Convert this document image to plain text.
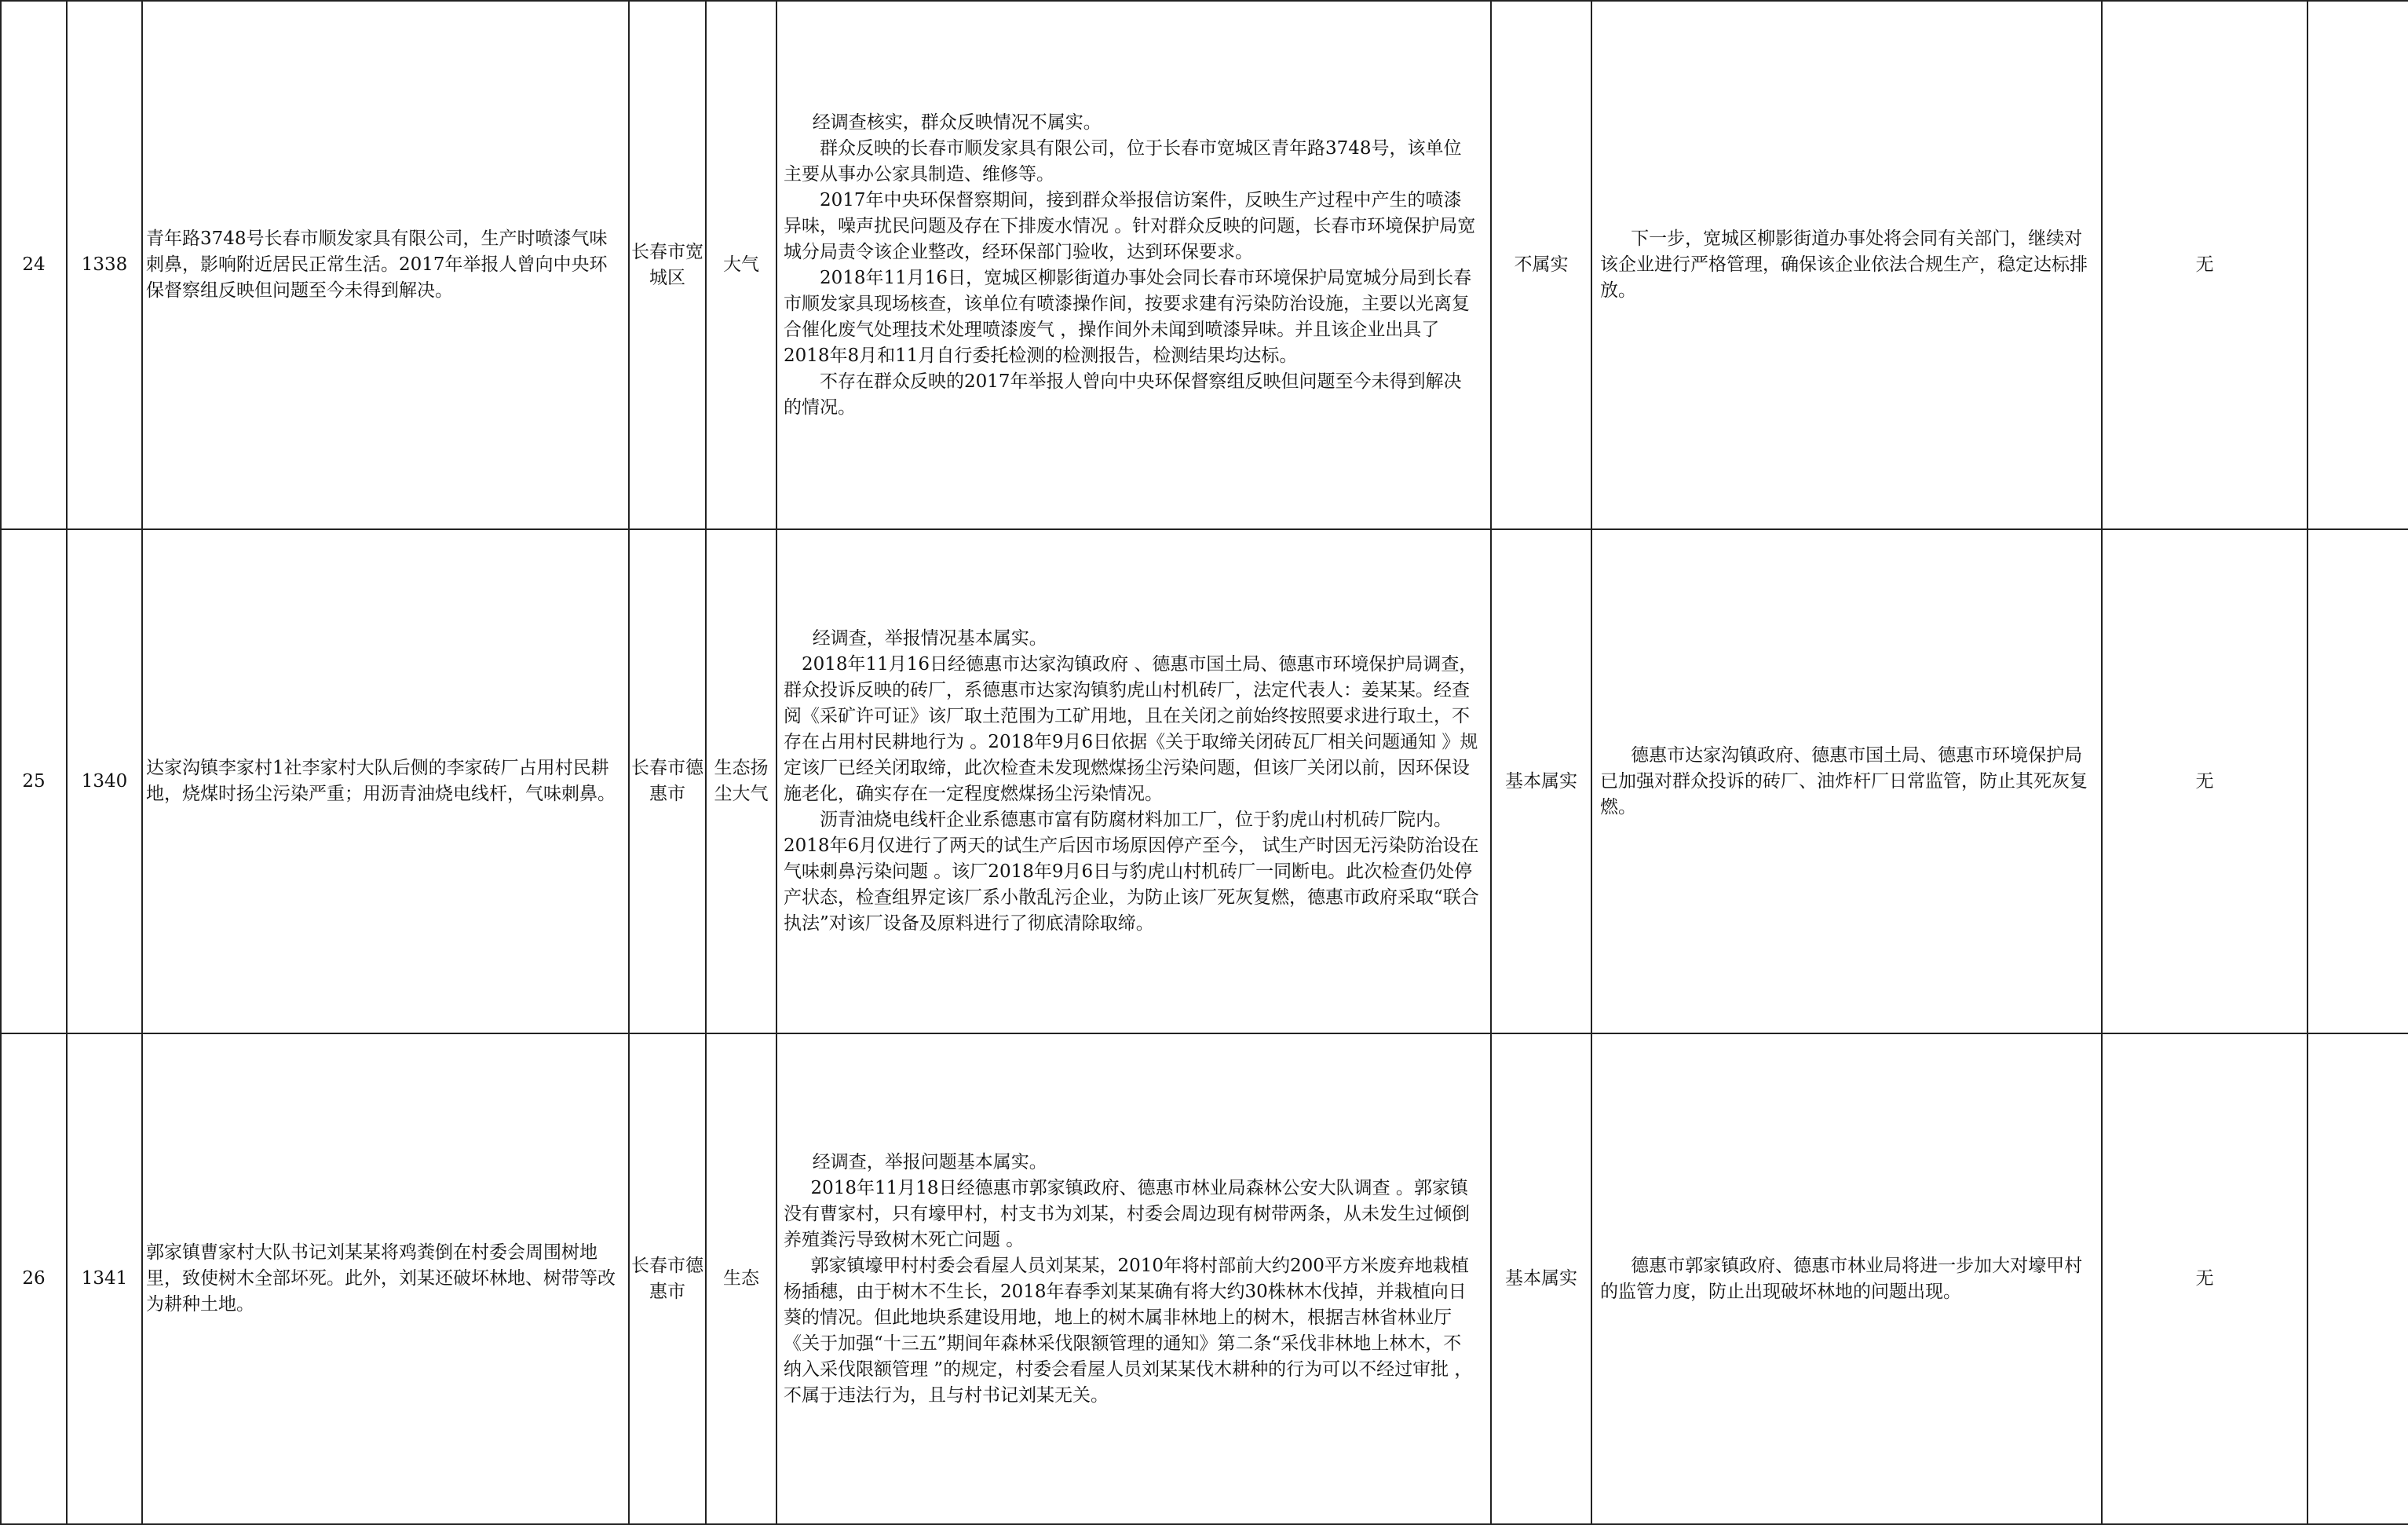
24	1338	青年路3748号长春市顺发家具有限公司，生产时喷漆气味刺鼻，影响附近居民正常生活。2017年举报人曾向中央环保督察组反映但问题至今未得到解决。	长春市宽城区	大气	经调查核实，群众反映情况不属实。

群众反映的长春市顺发家具有限公司，位于长春市宽城区青年路3748号，该单位主要从事办公家具制造、维修等。

2017年中央环保督察期间，接到群众举报信访案件，反映生产过程中产生的喷漆异味，噪声扰民问题及存在下排废水情况 。针对群众反映的问题，长春市环境保护局宽城分局责令该企业整改，经环保部门验收，达到环保要求。

2018年11月16日，宽城区柳影街道办事处会同长春市环境保护局宽城分局到长春市顺发家具现场核查，该单位有喷漆操作间，按要求建有污染防治设施，主要以光离复合催化废气处理技术处理喷漆废气 ，操作间外未闻到喷漆异味。并且该企业出具了2018年8月和11月自行委托检测的检测报告，检测结果均达标。

不存在群众反映的2017年举报人曾向中央环保督察组反映但问题至今未得到解决的情况。	不属实	下一步，宽城区柳影街道办事处将会同有关部门，继续对该企业进行严格管理，确保该企业依法合规生产，稳定达标排放。	无	
25	1340	达家沟镇李家村1社李家村大队后侧的李家砖厂占用村民耕地，烧煤时扬尘污染严重；用沥青油烧电线杆，气味刺鼻。	长春市德惠市	生态扬尘大气	经调查，举报情况基本属实。

2018年11月16日经德惠市达家沟镇政府 、德惠市国土局、德惠市环境保护局调查，群众投诉反映的砖厂，系德惠市达家沟镇豹虎山村机砖厂，法定代表人：姜某某。经查阅《采矿许可证》该厂取土范围为工矿用地，且在关闭之前始终按照要求进行取土，不存在占用村民耕地行为 。2018年9月6日依据《关于取缔关闭砖瓦厂相关问题通知 》规定该厂已经关闭取缔，此次检查未发现燃煤扬尘污染问题，但该厂关闭以前，因环保设施老化，确实存在一定程度燃煤扬尘污染情况。

沥青油烧电线杆企业系德惠市富有防腐材料加工厂，位于豹虎山村机砖厂院内。2018年6月仅进行了两天的试生产后因市场原因停产至今， 试生产时因无污染防治设在气味刺鼻污染问题 。该厂2018年9月6日与豹虎山村机砖厂一同断电。此次检查仍处停产状态，检查组界定该厂系小散乱污企业，为防止该厂死灰复燃，德惠市政府采取“联合执法”对该厂设备及原料进行了彻底清除取缔。	基本属实	德惠市达家沟镇政府、德惠市国土局、德惠市环境保护局已加强对群众投诉的砖厂、油炸杆厂日常监管，防止其死灰复燃。	无	
26	1341	郭家镇曹家村大队书记刘某某将鸡粪倒在村委会周围树地里，致使树木全部坏死。此外，刘某还破坏林地、树带等改为耕种土地。	长春市德惠市	生态	经调查，举报问题基本属实。

2018年11月18日经德惠市郭家镇政府、德惠市林业局森林公安大队调查 。郭家镇没有曹家村，只有壕甲村，村支书为刘某，村委会周边现有树带两条，从未发生过倾倒养殖粪污导致树木死亡问题 。

郭家镇壕甲村村委会看屋人员刘某某，2010年将村部前大约200平方米废弃地栽植杨插穗，由于树木不生长，2018年春季刘某某确有将大约30株林木伐掉，并栽植向日葵的情况。但此地块系建设用地，地上的树木属非林地上的树木，根据吉林省林业厅《关于加强“十三五”期间年森林采伐限额管理的通知》第二条“采伐非林地上林木，不纳入采伐限额管理 ”的规定，村委会看屋人员刘某某伐木耕种的行为可以不经过审批 ，不属于违法行为，且与村书记刘某无关。	基本属实	德惠市郭家镇政府、德惠市林业局将进一步加大对壕甲村的监管力度，防止出现破坏林地的问题出现。	无	
